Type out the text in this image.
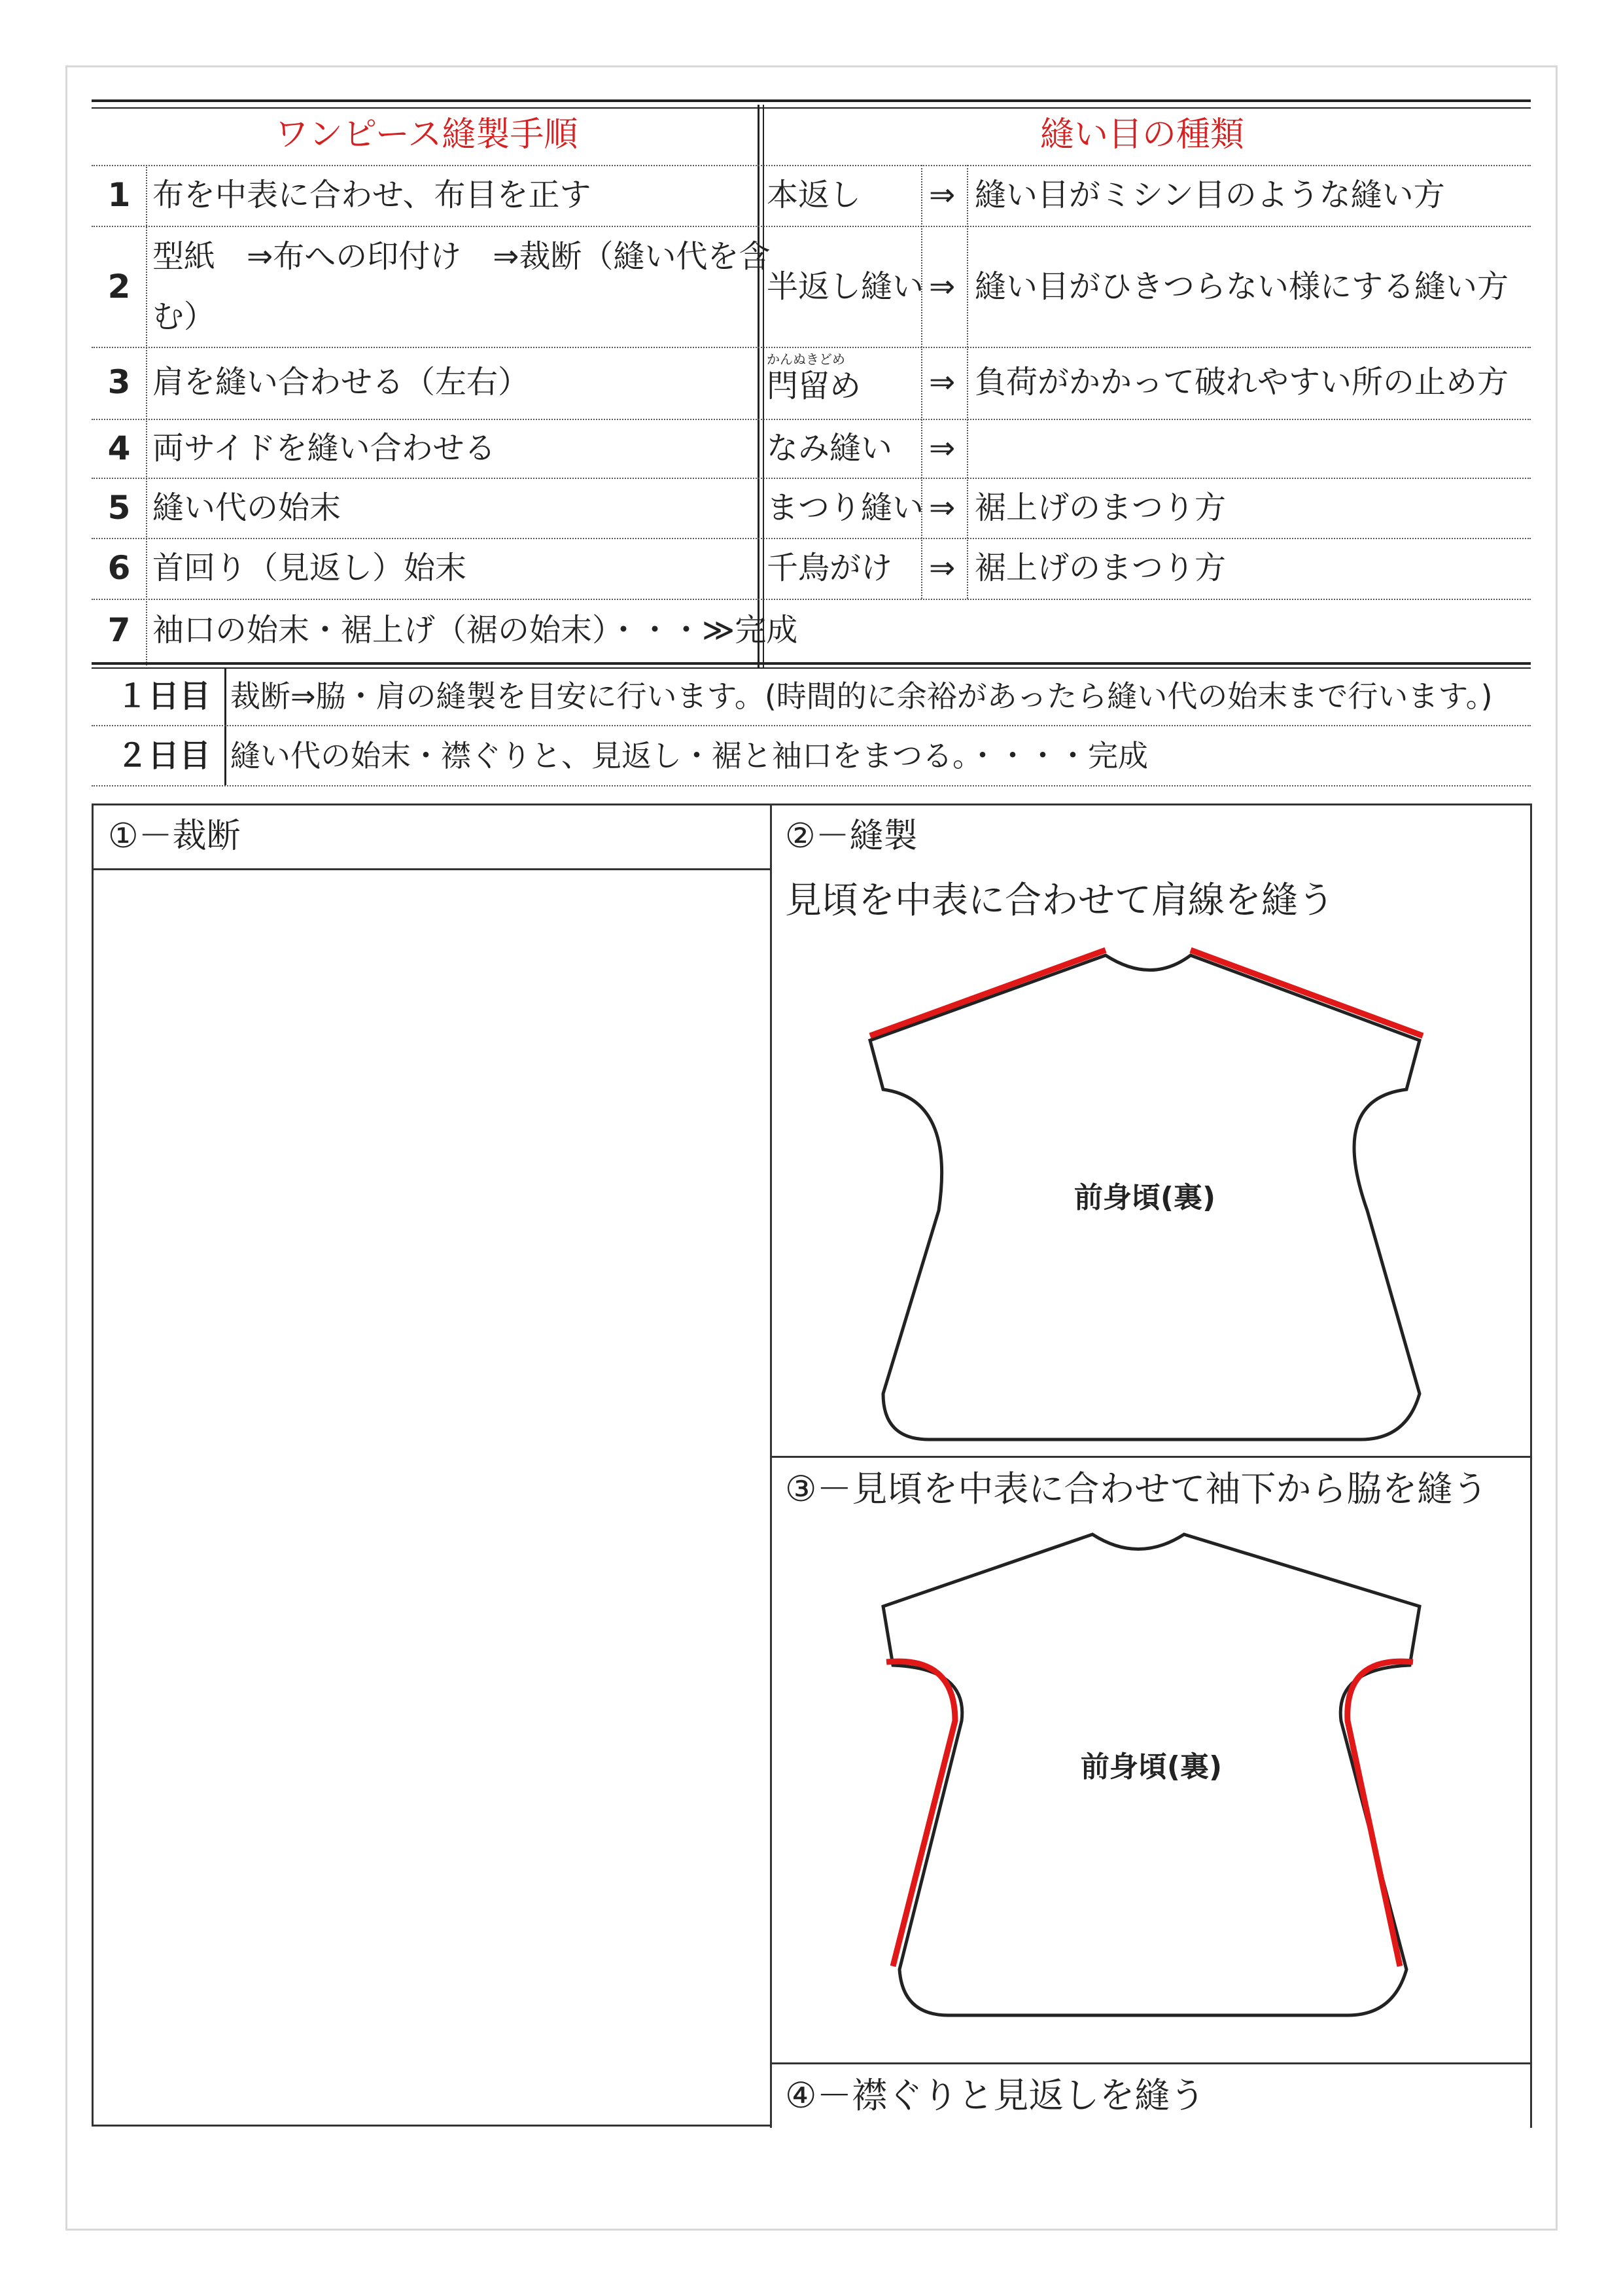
ワンピース縫製手順	縫い目の種類
1 布を中表に合わせ、布目を正す
2
型紙　⇒布への印付け　⇒裁断（縫い代を含
む）
3 肩を縫い合わせる（左右）
4 両サイドを縫い合わせる
5 縫い代の始末
6 首回り（見返し）始末
7 袖口の始末・裾上げ（裾の始末）・・・≫完成
本返し ⇒ 縫い目がミシン目のような縫い方
半返し縫い ⇒ 縫い目がひきつらない様にする縫い方
かんぬきどめ
閂留め ⇒ 負荷がかかって破れやすい所の止め方
なみ縫い ⇒
まつり縫い ⇒ 裾上げのまつり方
千鳥がけ ⇒ 裾上げのまつり方
１日目 裁断⇒脇・肩の縫製を目安に行います。(時間的に余裕があったら縫い代の始末まで行います。)
２日目 縫い代の始末・襟ぐりと、見返し・裾と袖口をまつる。・・・・完成
①－裁断	②－縫製
見頃を中表に合わせて肩線を縫う
前身頃(裏)
③－見頃を中表に合わせて袖下から脇を縫う
前身頃(裏)
④－襟ぐりと見返しを縫う
